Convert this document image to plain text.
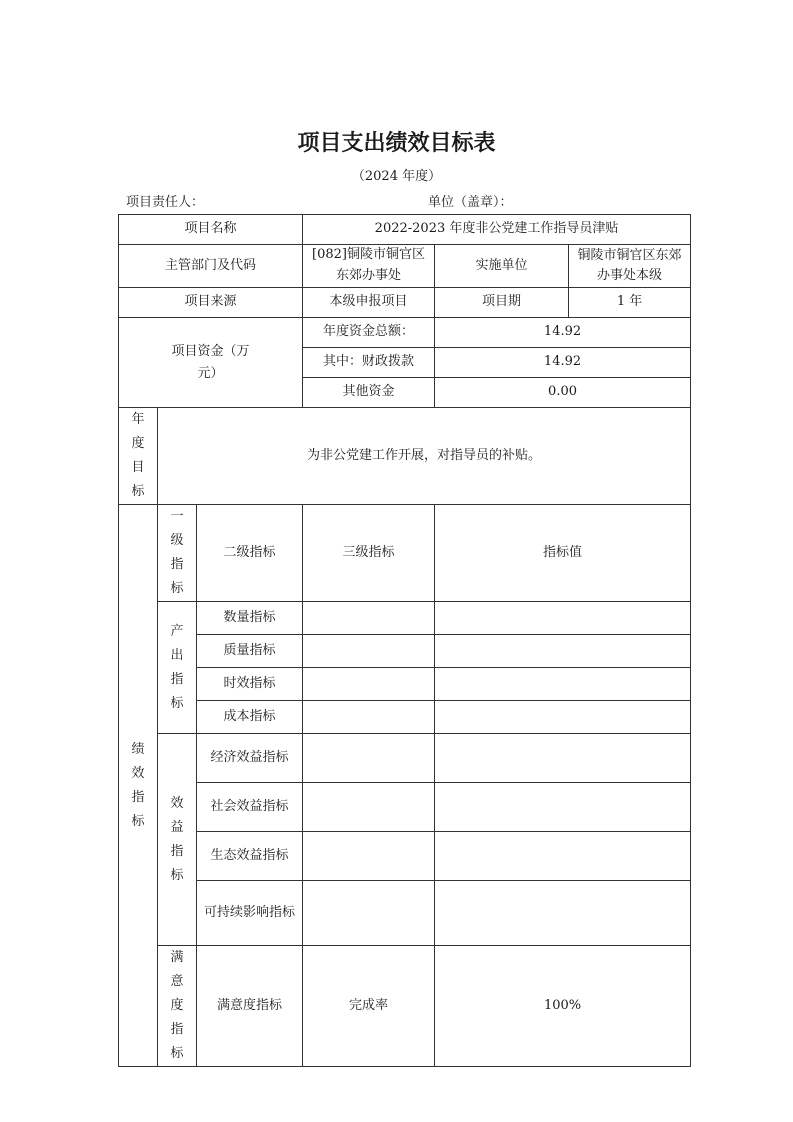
项目支出绩效目标表
（2024 年度）
项目责任人：	单位（盖章）：
项目名称			2022-2023 年度非公党建工作指导员津贴		
主管部门及代码			[082]铜陵市铜官区东郊办事处	实施单位	铜陵市铜官区东郊办事处本级
项目来源			本级申报项目	项目期	1 年

项目资金（万元）			年度资金总额：	14.92	
			其中：财政拨款	14.92	
			其他资金	0.00	

年度目标	为非公党建工作开展，对指导员的补贴。				

绩效指标	一级指标	二级指标	三级指标	指标值	

	产出指标	数量指标			
		质量指标			
		时效指标			
		成本指标			

	效益指标	经济效益指标			
		社会效益指标			
		生态效益指标			
		可持续影响指标			

	满意度指标	满意度指标	完成率	100%	
